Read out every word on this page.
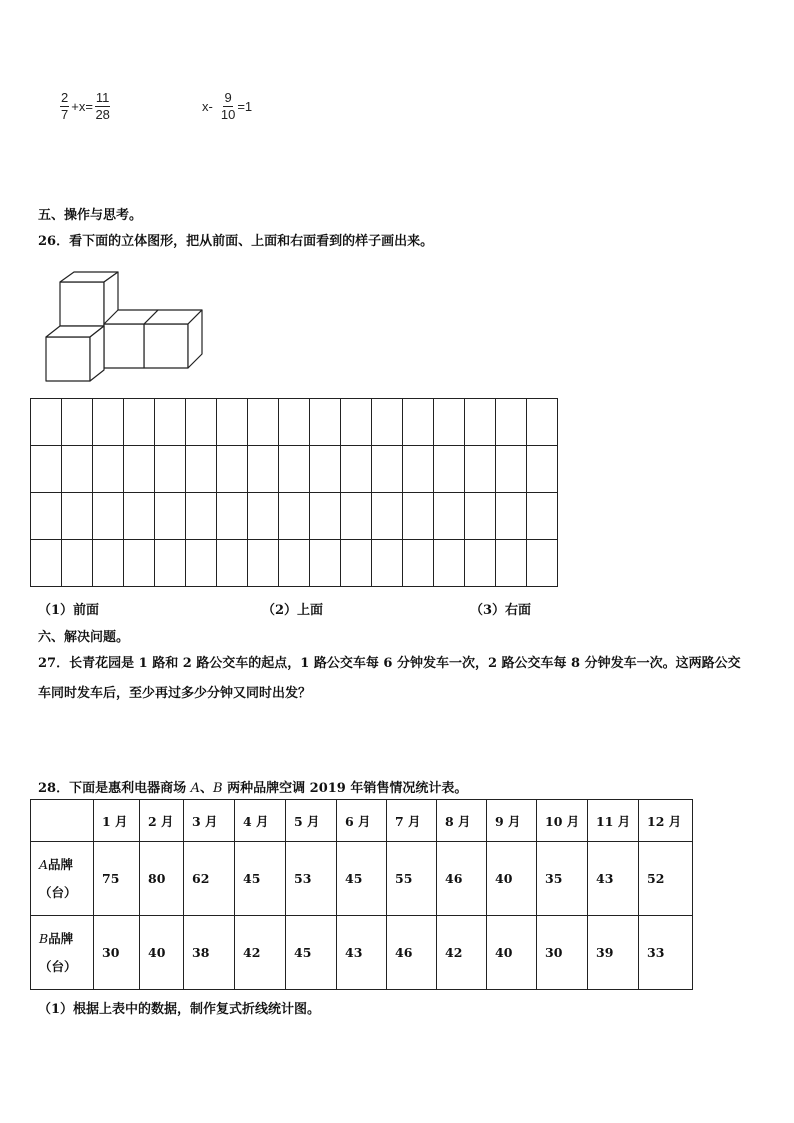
$\frac{2}{7} +x= \frac{11}{28}$	$x- \frac{9}{10} =1$
五、操作与思考。
26．看下面的立体图形，把从前面、上面和右面看到的样子画出来。

（1）前面	（2）上面	（3）右面
六、解决问题。
27．长青花园是 1 路和 2 路公交车的起点，1 路公交车每 6 分钟发车一次，2 路公交车每 8 分钟发车一次。这两路公交
车同时发车后，至少再过多少分钟又同时出发？
28．下面是惠利电器商场 A、B 两种品牌空调 2019 年销售情况统计表。
	1 月	2 月	3 月	4 月	5 月	6 月	7 月	8 月	9 月	10 月	11 月	12 月
A品牌
（台）	75	80	62	45	53	45	55	46	40	35	43	52
B品牌
（台）	30	40	38	42	45	43	46	42	40	30	39	33
（1）根据上表中的数据，制作复式折线统计图。
